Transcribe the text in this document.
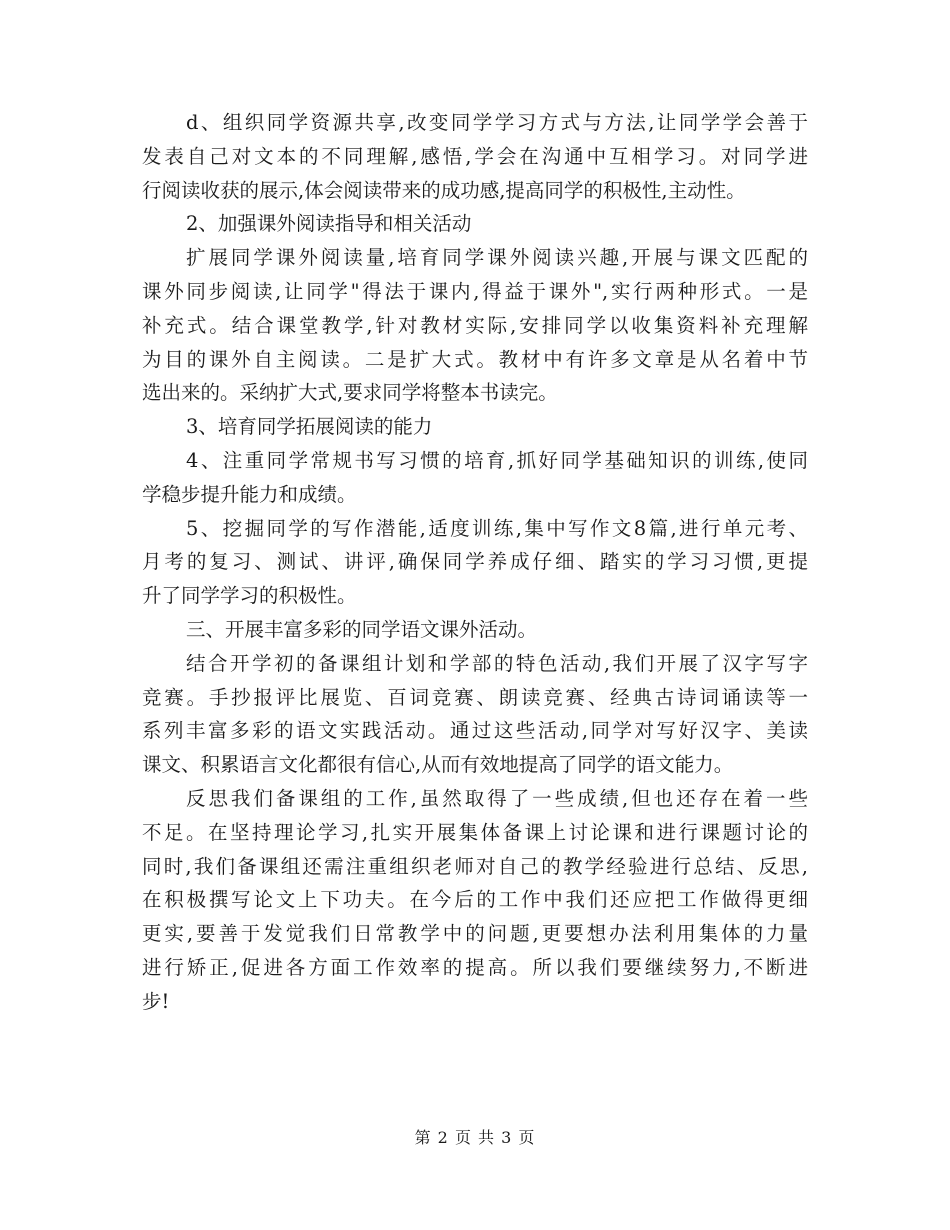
d、组织同学资源共享,改变同学学习方式与方法,让同学学会善于
发表自己对文本的不同理解,感悟,学会在沟通中互相学习。对同学进
行阅读收获的展示,体会阅读带来的成功感,提高同学的积极性,主动性。
2、加强课外阅读指导和相关活动
扩展同学课外阅读量,培育同学课外阅读兴趣,开展与课文匹配的
课外同步阅读,让同学"得法于课内,得益于课外",实行两种形式。一是
补充式。结合课堂教学,针对教材实际,安排同学以收集资料补充理解
为目的课外自主阅读。二是扩大式。教材中有许多文章是从名着中节
选出来的。采纳扩大式,要求同学将整本书读完。
3、培育同学拓展阅读的能力
4、注重同学常规书写习惯的培育,抓好同学基础知识的训练,使同
学稳步提升能力和成绩。
5、挖掘同学的写作潜能,适度训练,集中写作文8篇,进行单元考、
月考的复习、测试、讲评,确保同学养成仔细、踏实的学习习惯,更提
升了同学学习的积极性。
三、开展丰富多彩的同学语文课外活动。
结合开学初的备课组计划和学部的特色活动,我们开展了汉字写字
竞赛。手抄报评比展览、百词竞赛、朗读竞赛、经典古诗词诵读等一
系列丰富多彩的语文实践活动。通过这些活动,同学对写好汉字、美读
课文、积累语言文化都很有信心,从而有效地提高了同学的语文能力。
反思我们备课组的工作,虽然取得了一些成绩,但也还存在着一些
不足。在坚持理论学习,扎实开展集体备课上讨论课和进行课题讨论的
同时,我们备课组还需注重组织老师对自己的教学经验进行总结、反思,
在积极撰写论文上下功夫。在今后的工作中我们还应把工作做得更细
更实,要善于发觉我们日常教学中的问题,更要想办法利用集体的力量
进行矫正,促进各方面工作效率的提高。所以我们要继续努力,不断进
步!
第 2 页 共 3 页
